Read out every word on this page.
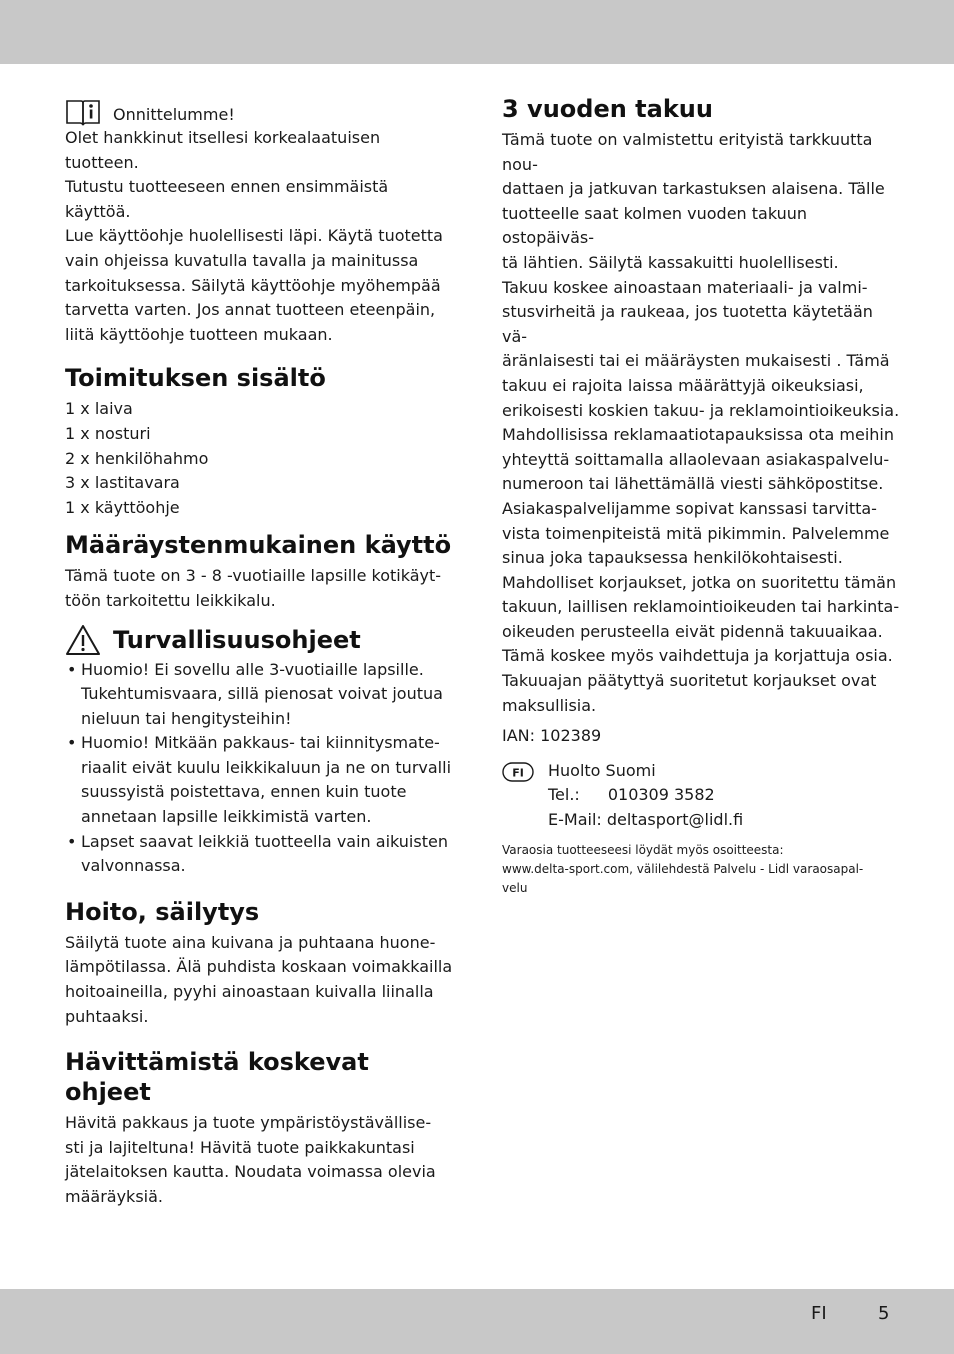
Onnittelumme!

Olet hankkinut itsellesi korkealaatuisen tuotteen.

Tutustu tuotteeseen ennen ensimmäistä käyttöä.

Lue käyttöohje huolellisesti läpi. Käytä tuotetta

vain ohjeissa kuvatulla tavalla ja mainitussa

tarkoituksessa. Säilytä käyttöohje myöhempää

tarvetta varten. Jos annat tuotteen eteenpäin,

liitä käyttöohje tuotteen mukaan.

Toimituksen sisältö
1 x laiva
1 x nosturi
2 x henkilöhahmo
3 x lastitavara
1 x käyttöohje
Määräystenmukainen käyttö

Tämä tuote on 3 - 8 -vuotiaille lapsille kotikäyt-

töön tarkoitettu leikkikalu.

Turvallisuusohjeet
• Huomio! Ei sovellu alle 3-vuotiaille lapsille.
Tukehtumisvaara, sillä pienosat voivat joutua
nieluun tai hengitysteihin!
• Huomio! Mitkään pakkaus- tai kiinnitysmate-
riaalit eivät kuulu leikkikaluun ja ne on turvalli
suussyistä poistettava, ennen kuin tuote
annetaan lapsille leikkimistä varten.
• Lapset saavat leikkiä tuotteella vain aikuisten
valvonnassa.
Hoito, säilytys

Säilytä tuote aina kuivana ja puhtaana huone-

lämpötilassa. Älä puhdista koskaan voimakkailla

hoitoaineilla, pyyhi ainoastaan kuivalla liinalla

puhtaaksi.

Hävittämistä koskevat ohjeet

Hävitä pakkaus ja tuote ympäristöystävällise-

sti ja lajiteltuna! Hävitä tuote paikkakuntasi

jätelaitoksen kautta. Noudata voimassa olevia

määräyksiä.

3 vuoden takuu

Tämä tuote on valmistettu erityistä tarkkuutta nou-

dattaen ja jatkuvan tarkastuksen alaisena. Tälle

tuotteelle saat kolmen vuoden takuun ostopäiväs-

tä lähtien. Säilytä kassakuitti huolellisesti.

Takuu koskee ainoastaan materiaali- ja valmi-

stusvirheitä ja raukeaa, jos tuotetta käytetään vä-

äränlaisesti tai ei määräysten mukaisesti . Tämä

takuu ei rajoita laissa määrättyjä oikeuksiasi,

erikoisesti koskien takuu- ja reklamointioikeuksia.

Mahdollisissa reklamaatiotapauksissa ota meihin

yhteyttä soittamalla allaolevaan asiakaspalvelu-

numeroon tai lähettämällä viesti sähköpostitse.

Asiakaspalvelijamme sopivat kanssasi tarvitta-

vista toimenpiteistä mitä pikimmin. Palvelemme

sinua joka tapauksessa henkilökohtaisesti.

Mahdolliset korjaukset, jotka on suoritettu tämän

takuun, laillisen reklamointioikeuden tai harkinta-

oikeuden perusteella eivät pidennä takuuaikaa.

Tämä koskee myös vaihdettuja ja korjattuja osia.

Takuuajan päätyttyä suoritetut korjaukset ovat

maksullisia.

IAN: 102389

FI Huolto Suomi

Tel.: 010309 3582

E-Mail: deltasport@lidl.fi

Varaosia tuotteeseesi löydät myös osoitteesta:

www.delta-sport.com, välilehdestä Palvelu - Lidl varaosapal-

velu

FI	5
